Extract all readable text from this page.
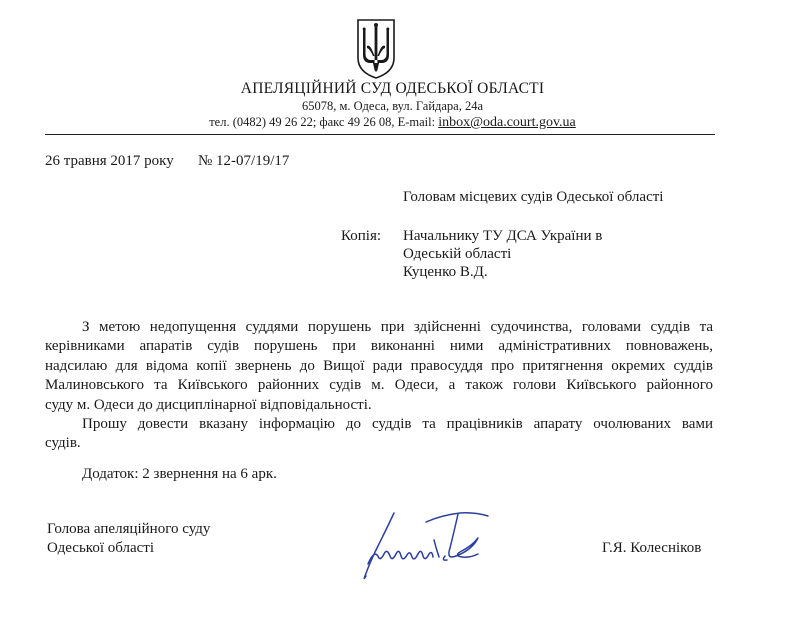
АПЕЛЯЦІЙНИЙ СУД ОДЕСЬКОЇ ОБЛАСТІ
65078, м. Одеса, вул. Гайдара, 24а
тел. (0482) 49 26 22; факс 49 26 08, E-mail: inbox@oda.court.gov.ua
26 травня 2017 року № 12-07/19/17
Головам місцевих судів Одеської області
Копія: Начальнику ТУ ДСА України в
Одеській області
Куценко В.Д.
З метою недопущення суддями порушень при здійсненні судочинства, головами суддів та
керівниками апаратів судів порушень при виконанні ними адміністративних повноважень,
надсилаю для відома копії звернень до Вищої ради правосуддя про притягнення окремих суддів
Малиновського та Київського районних судів м. Одеси, а також голови Київського районного
суду м. Одеси до дисциплінарної відповідальності.
Прошу довести вказану інформацію до суддів та працівників апарату очолюваних вами
судів.
Додаток: 2 звернення на 6 арк.
Голова апеляційного суду
Одеської області	Г.Я. Колесніков
